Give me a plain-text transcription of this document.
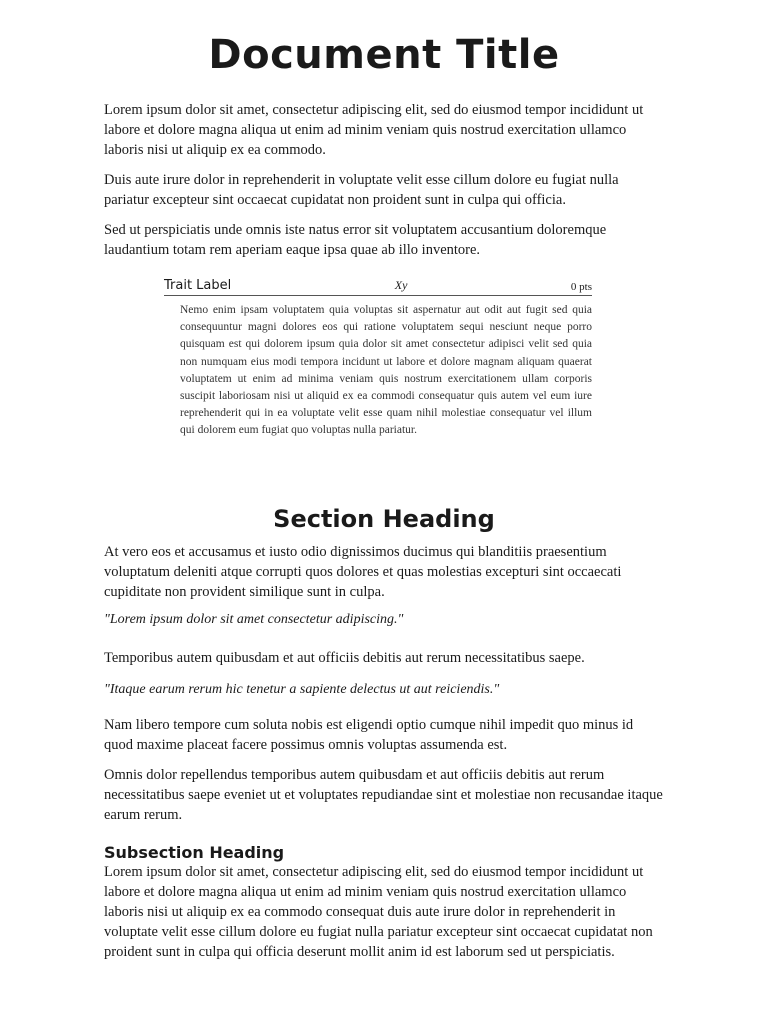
Document Title
Lorem ipsum dolor sit amet, consectetur adipiscing elit, sed do eiusmod tempor incididunt ut labore et dolore magna aliqua ut enim ad minim veniam quis nostrud exercitation ullamco laboris nisi ut aliquip ex ea commodo.
Duis aute irure dolor in reprehenderit in voluptate velit esse cillum dolore eu fugiat nulla pariatur excepteur sint occaecat cupidatat non proident sunt in culpa qui officia.
Sed ut perspiciatis unde omnis iste natus error sit voluptatem accusantium doloremque laudantium totam rem aperiam eaque ipsa quae ab illo inventore.
Trait Label	Xy	0 pts
Nemo enim ipsam voluptatem quia voluptas sit aspernatur aut odit aut fugit sed quia consequuntur magni dolores eos qui ratione voluptatem sequi nesciunt neque porro quisquam est qui dolorem ipsum quia dolor sit amet consectetur adipisci velit sed quia non numquam eius modi tempora incidunt ut labore et dolore magnam aliquam quaerat voluptatem ut enim ad minima veniam quis nostrum exercitationem ullam corporis suscipit laboriosam nisi ut aliquid ex ea commodi consequatur quis autem vel eum iure reprehenderit qui in ea voluptate velit esse quam nihil molestiae consequatur vel illum qui dolorem eum fugiat quo voluptas nulla pariatur.
Section Heading
At vero eos et accusamus et iusto odio dignissimos ducimus qui blanditiis praesentium voluptatum deleniti atque corrupti quos dolores et quas molestias excepturi sint occaecati cupiditate non provident similique sunt in culpa.
"Lorem ipsum dolor sit amet consectetur adipiscing."
Temporibus autem quibusdam et aut officiis debitis aut rerum necessitatibus saepe.
"Itaque earum rerum hic tenetur a sapiente delectus ut aut reiciendis."
Nam libero tempore cum soluta nobis est eligendi optio cumque nihil impedit quo minus id quod maxime placeat facere possimus omnis voluptas assumenda est.
Omnis dolor repellendus temporibus autem quibusdam et aut officiis debitis aut rerum necessitatibus saepe eveniet ut et voluptates repudiandae sint et molestiae non recusandae itaque earum rerum.
Subsection Heading
Lorem ipsum dolor sit amet, consectetur adipiscing elit, sed do eiusmod tempor incididunt ut labore et dolore magna aliqua ut enim ad minim veniam quis nostrud exercitation ullamco laboris nisi ut aliquip ex ea commodo consequat duis aute irure dolor in reprehenderit in voluptate velit esse cillum dolore eu fugiat nulla pariatur excepteur sint occaecat cupidatat non proident sunt in culpa qui officia deserunt mollit anim id est laborum sed ut perspiciatis.
